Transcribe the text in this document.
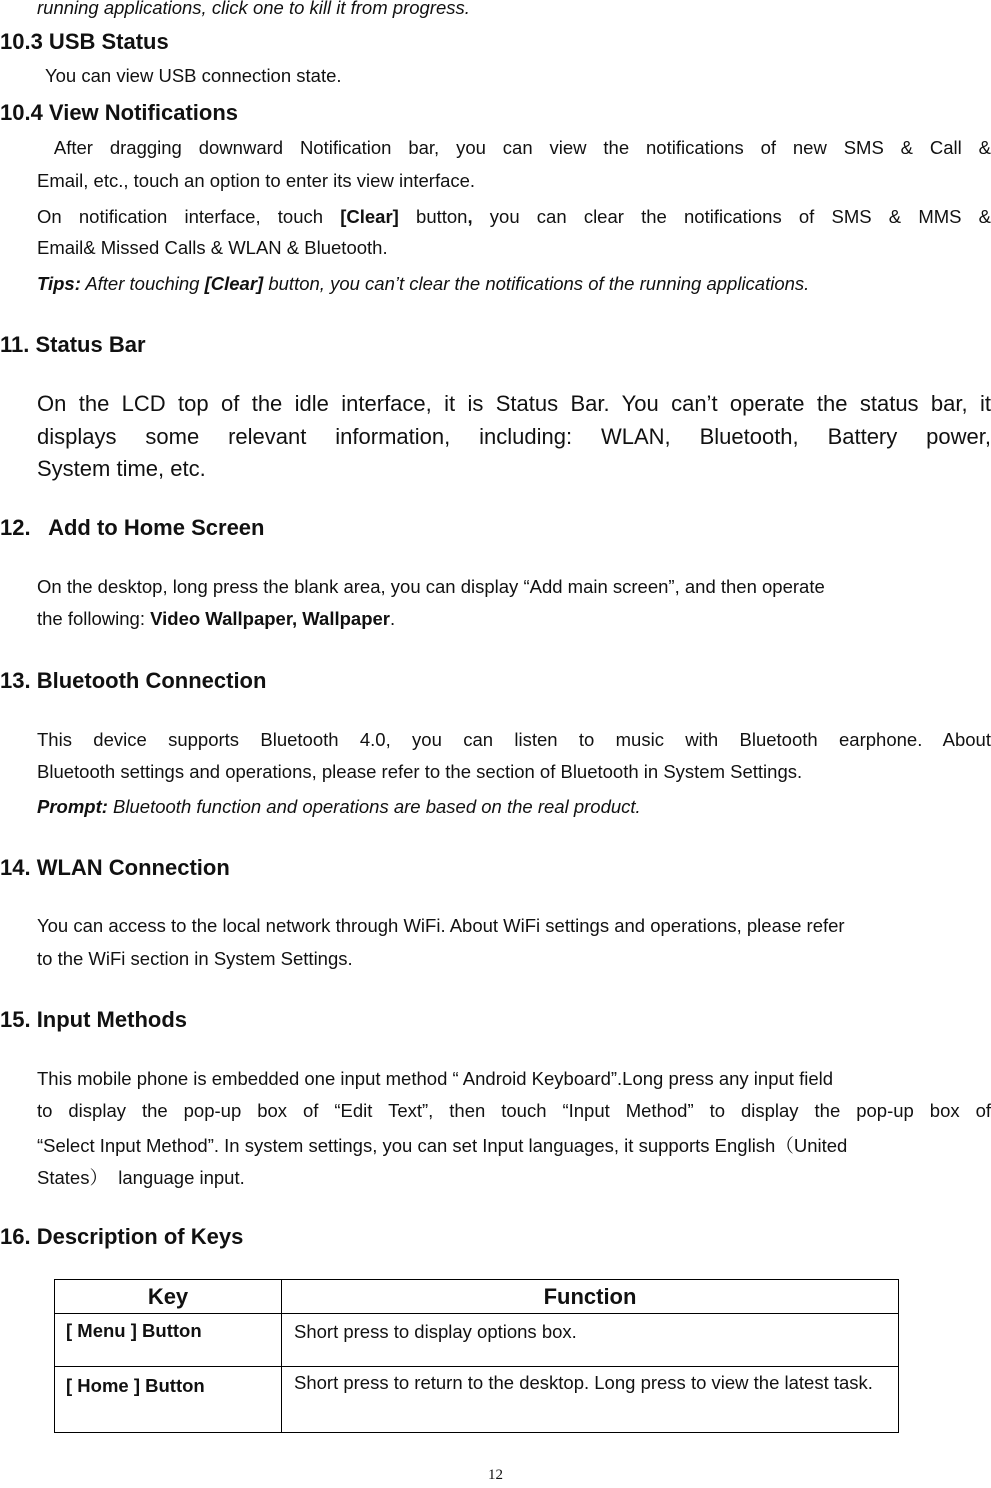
running applications, click one to kill it from progress.

10.3 USB Status

You can view USB connection state.

10.4 View Notifications

After dragging downward Notification bar, you can view the notifications of new SMS & Call &

Email, etc., touch an option to enter its view interface.

On notification interface, touch [Clear] button, you can clear the notifications of SMS & MMS &

Email& Missed Calls & WLAN & Bluetooth.

Tips: After touching [Clear] button, you can’t clear the notifications of the running applications.

11. Status Bar

On the LCD top of the idle interface, it is Status Bar. You can’t operate the status bar, it

displays some relevant information, including: WLAN, Bluetooth, Battery power,

System time, etc.

12.   Add to Home Screen

On the desktop, long press the blank area, you can display “Add main screen”, and then operate

the following: Video Wallpaper, Wallpaper.

13. Bluetooth Connection

This device supports Bluetooth 4.0, you can listen to music with Bluetooth earphone. About

Bluetooth settings and operations, please refer to the section of Bluetooth in System Settings.

Prompt: Bluetooth function and operations are based on the real product.

14. WLAN Connection

You can access to the local network through WiFi. About WiFi settings and operations, please refer

to the WiFi section in System Settings.

15. Input Methods

This mobile phone is embedded one input method “ Android Keyboard”.Long press any input field

to display the pop-up box of “Edit Text”, then touch “Input Method” to display the pop-up box of

“Select Input Method”. In system settings, you can set Input languages, it supports English（United

States）  language input.

16. Description of Keys

Key	Function
[ Menu ] Button	Short press to display options box.
[ Home ] Button	Short press to return to the desktop. Long press to view the latest task.
12
